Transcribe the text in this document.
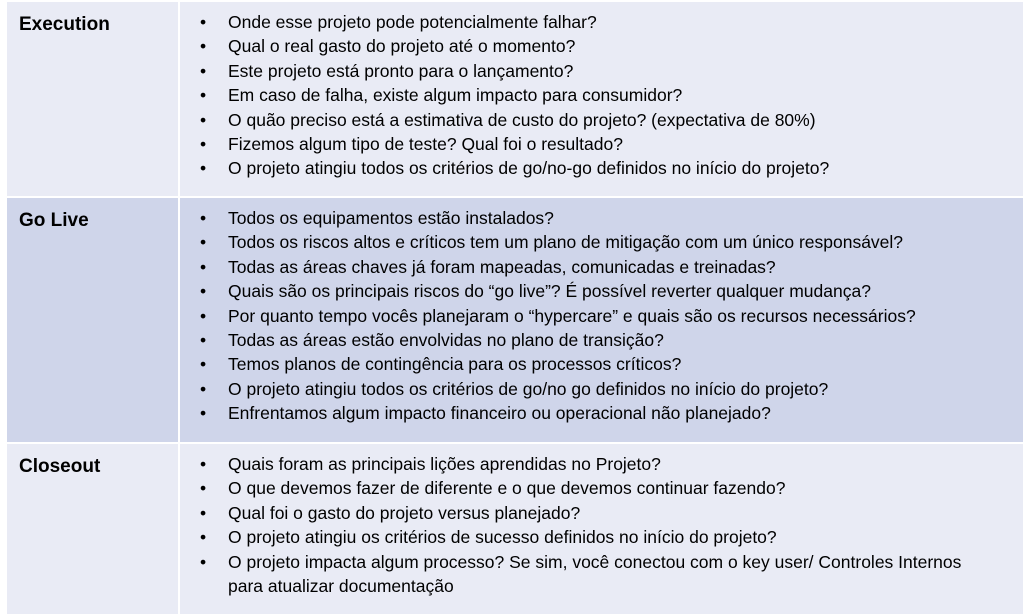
Execution	• Onde esse projeto pode potencialmente falhar?
• Qual o real gasto do projeto até o momento?
• Este projeto está pronto para o lançamento?
• Em caso de falha, existe algum impacto para consumidor?
• O quão preciso está a estimativa de custo do projeto? (expectativa de 80%)
• Fizemos algum tipo de teste? Qual foi o resultado?
• O projeto atingiu todos os critérios de go/no-go definidos no início do projeto?
Go Live	• Todos os equipamentos estão instalados?
• Todos os riscos altos e críticos tem um plano de mitigação com um único responsável?
• Todas as áreas chaves já foram mapeadas, comunicadas e treinadas?
• Quais são os principais riscos do “go live”? É possível reverter qualquer mudança?
• Por quanto tempo vocês planejaram o “hypercare” e quais são os recursos necessários?
• Todas as áreas estão envolvidas no plano de transição?
• Temos planos de contingência para os processos críticos?
• O projeto atingiu todos os critérios de go/no go definidos no início do projeto?
• Enfrentamos algum impacto financeiro ou operacional não planejado?
Closeout	• Quais foram as principais lições aprendidas no Projeto?
• O que devemos fazer de diferente e o que devemos continuar fazendo?
• Qual foi o gasto do projeto versus planejado?
• O projeto atingiu os critérios de sucesso definidos no início do projeto?
• O projeto impacta algum processo? Se sim, você conectou com o key user/ Controles Internos para atualizar documentação
